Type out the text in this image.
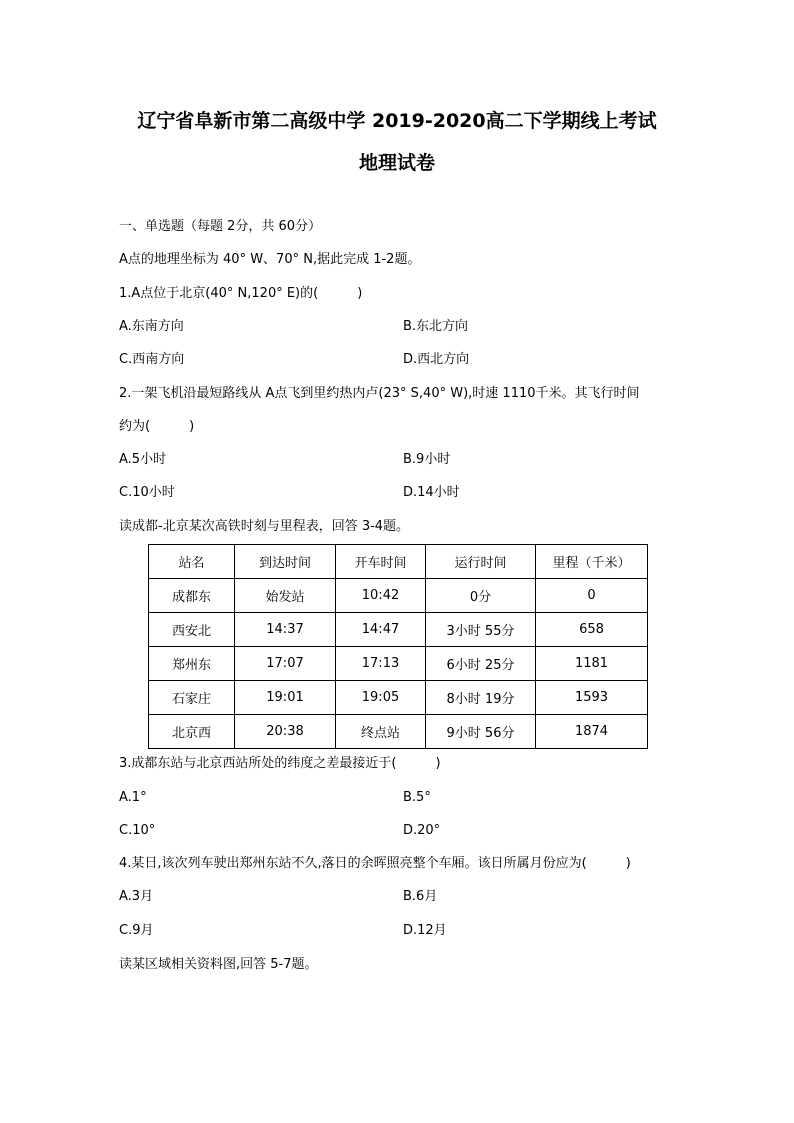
辽宁省阜新市第二高级中学 2019-2020高二下学期线上考试
地理试卷
一、单选题（每题 2分，共 60分）
A点的地理坐标为 40° W、70° N,据此完成 1-2题。
1.A点位于北京(40° N,120° E)的(　　　)
A.东南方向	B.东北方向
C.西南方向	D.西北方向
2.一架飞机沿最短路线从 A点飞到里约热内卢(23° S,40° W),时速 1110千米。其飞行时间
约为(　　　)
A.5小时	B.9小时
C.10小时	D.14小时
读成都-北京某次高铁时刻与里程表，回答 3-4题。
站名	到达时间	开车时间	运行时间	里程（千米）
成都东	始发站	10:42	0分	0
西安北	14:37	14:47	3小时 55分	658
郑州东	17:07	17:13	6小时 25分	1181
石家庄	19:01	19:05	8小时 19分	1593
北京西	20:38	终点站	9小时 56分	1874
3.成都东站与北京西站所处的纬度之差最接近于(　　　)
A.1°	B.5°
C.10°	D.20°
4.某日,该次列车驶出郑州东站不久,落日的余晖照亮整个车厢。该日所属月份应为(　　　)
A.3月	B.6月
C.9月	D.12月
读某区域相关资料图,回答 5-7题。
